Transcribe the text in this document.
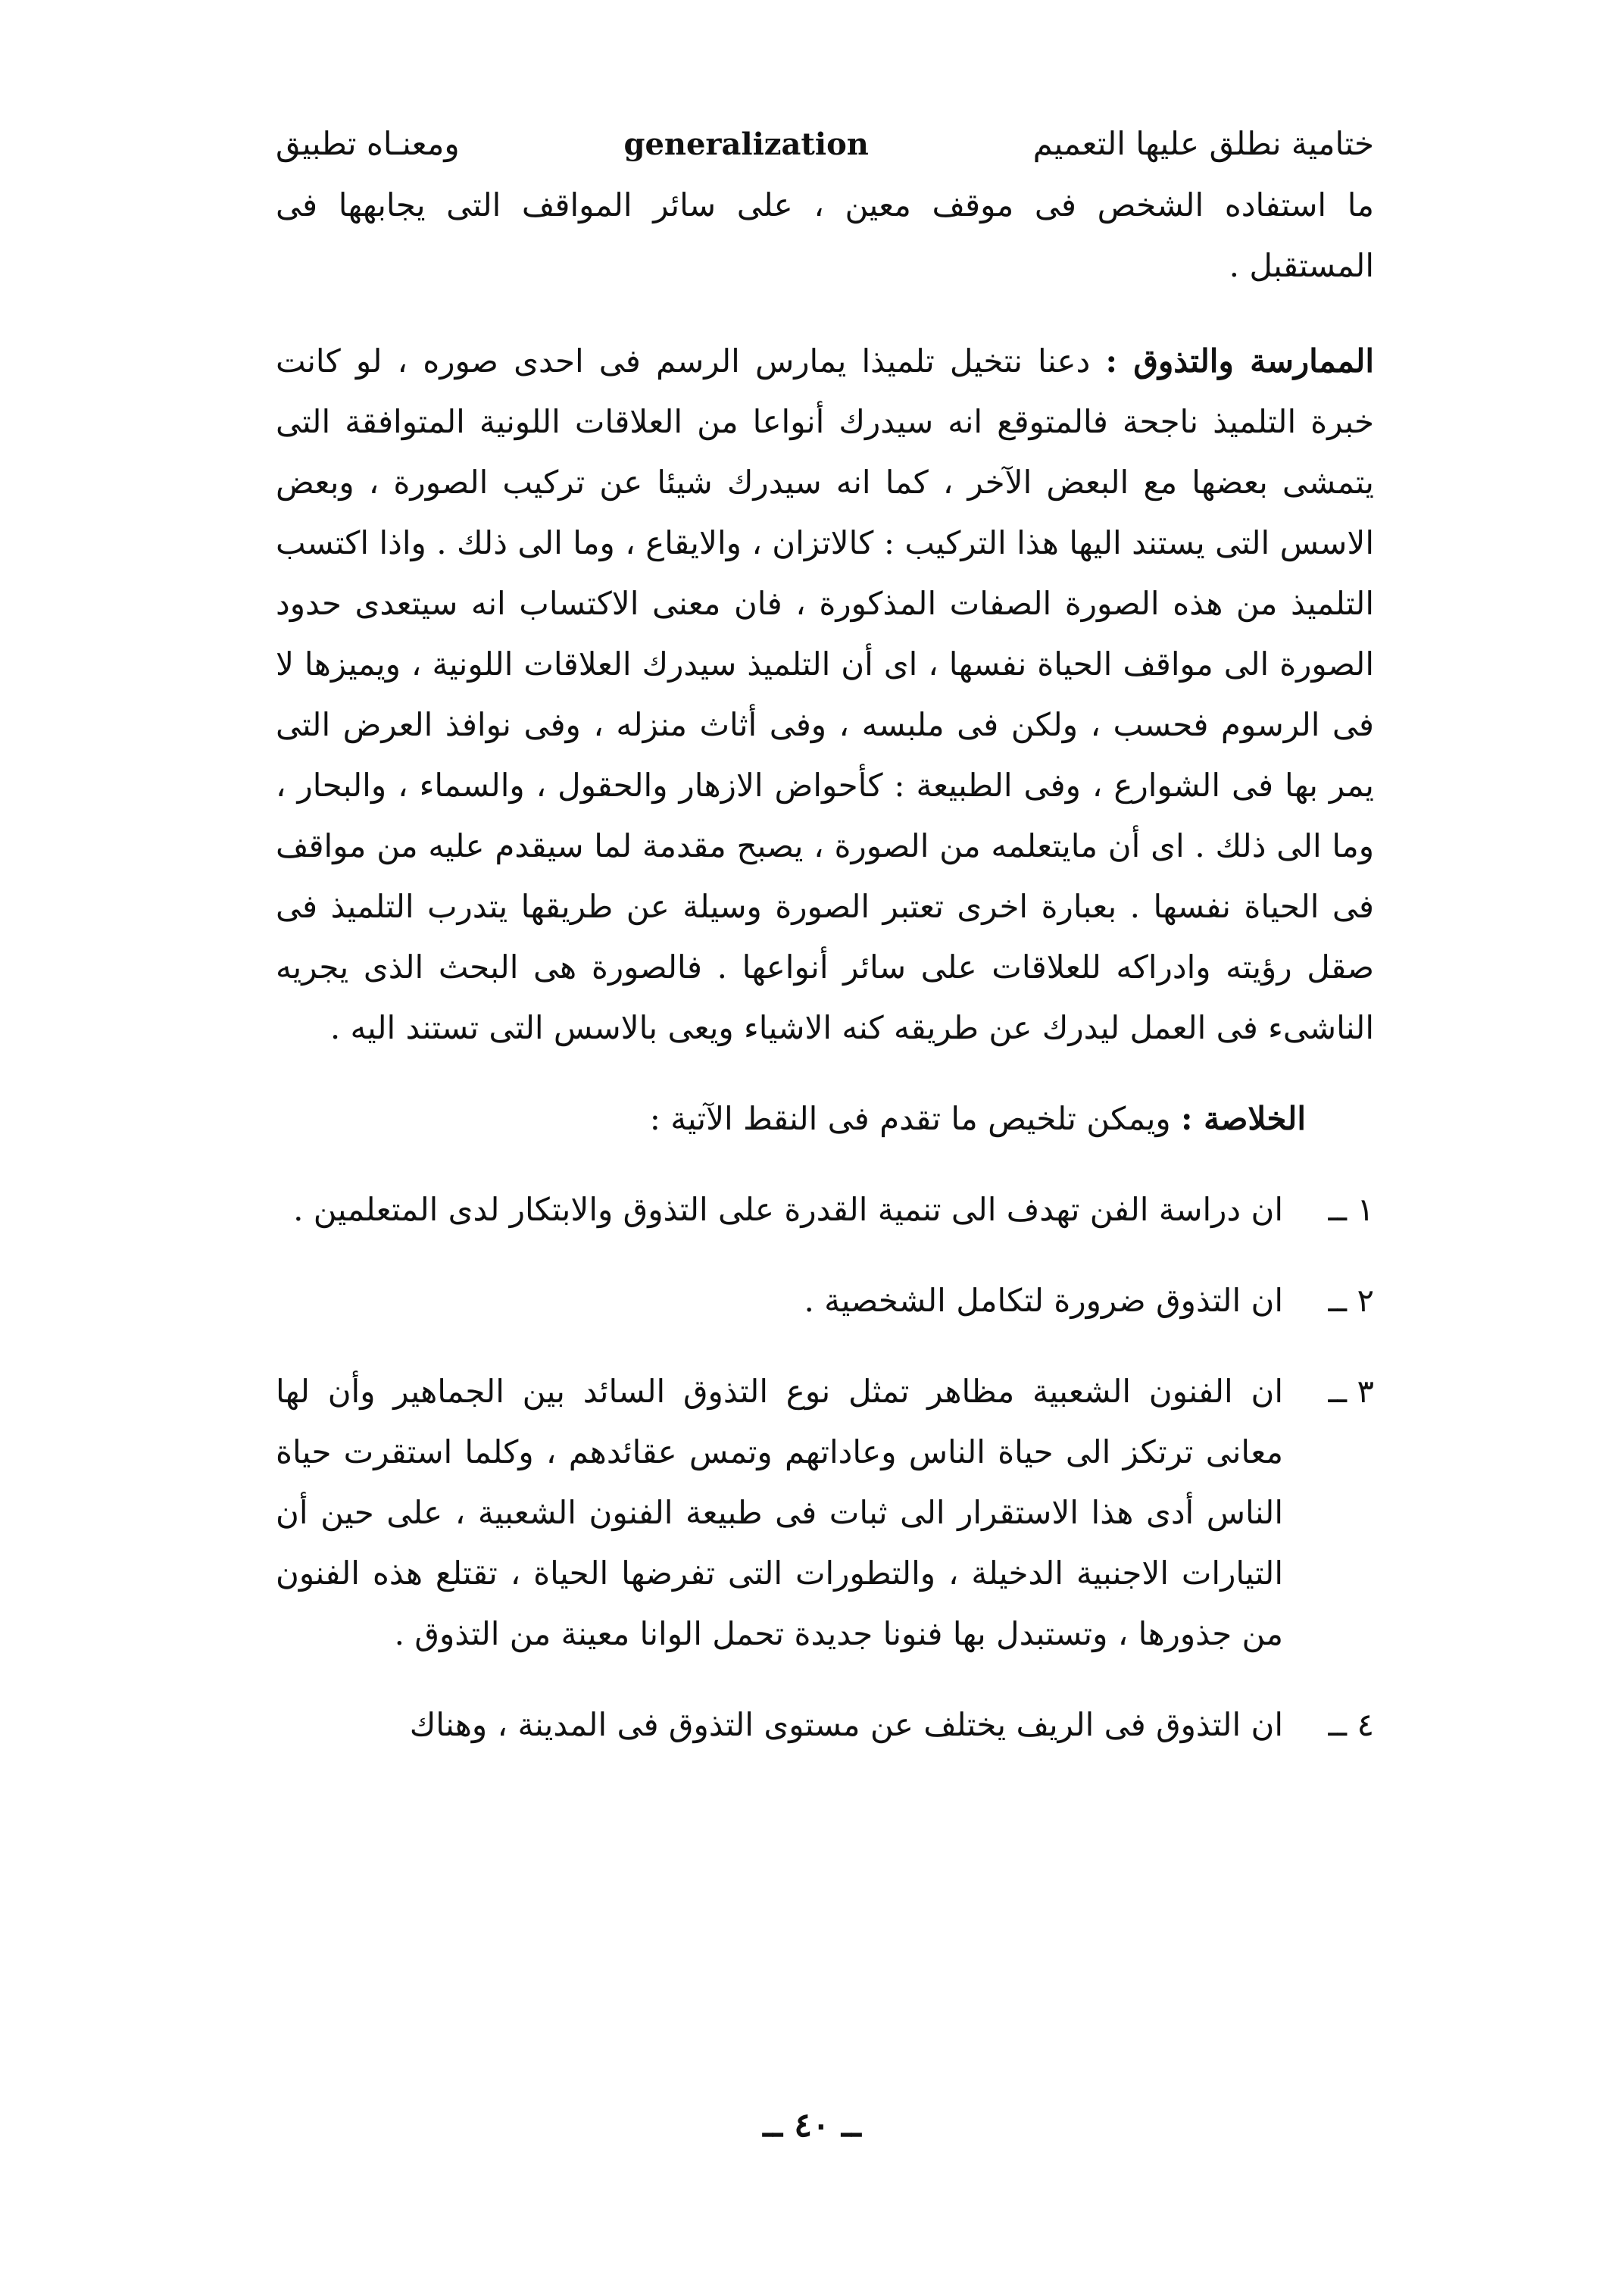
ختامية نطلق عليها التعميم
generalization
ومعنـاه تطبيق
ما استفاده الشخص فى موقف معين ، على سائر المواقف التى يجابهها فى المستقبل .
الممارسة والتذوق : دعنا نتخيل تلميذا يمارس الرسم فى احدى صوره ، لو كانت خبرة التلميذ ناجحة فالمتوقع انه سيدرك أنواعا من العلاقات اللونية المتوافقة التى يتمشى بعضها مع البعض الآخر ، كما انه سيدرك شيئا عن تركيب الصورة ، وبعض الاسس التى يستند اليها هذا التركيب : كالاتزان ، والايقاع ، وما الى ذلك . واذا اكتسب التلميذ من هذه الصورة الصفات المذكورة ، فان معنى الاكتساب انه سيتعدى حدود الصورة الى مواقف الحياة نفسها ، اى أن التلميذ سيدرك العلاقات اللونية ، ويميزها لا فى الرسوم فحسب ، ولكن فى ملبسه ، وفى أثاث منزله ، وفى نوافذ العرض التى يمر بها فى الشوارع ، وفى الطبيعة : كأحواض الازهار والحقول ، والسماء ، والبحار ، وما الى ذلك . اى أن مايتعلمه من الصورة ، يصبح مقدمة لما سيقدم عليه من مواقف فى الحياة نفسها . بعبارة اخرى تعتبر الصورة وسيلة عن طريقها يتدرب التلميذ فى صقل رؤيته وادراكه للعلاقات على سائر أنواعها . فالصورة هى البحث الذى يجريه الناشىء فى العمل ليدرك عن طريقه كنه الاشياء ويعى بالاسس التى تستند اليه .
الخلاصة : ويمكن تلخيص ما تقدم فى النقط الآتية :
١ ــ
ان دراسة الفن تهدف الى تنمية القدرة على التذوق والابتكار لدى المتعلمين .
٢ ــ
ان التذوق ضرورة لتكامل الشخصية .
٣ ــ
ان الفنون الشعبية مظاهر تمثل نوع التذوق السائد بين الجماهير وأن لها معانى ترتكز الى حياة الناس وعاداتهم وتمس عقائدهم ، وكلما استقرت حياة الناس أدى هذا الاستقرار الى ثبات فى طبيعة الفنون الشعبية ، على حين أن التيارات الاجنبية الدخيلة ، والتطورات التى تفرضها الحياة ، تقتلع هذه الفنون من جذورها ، وتستبدل بها فنونا جديدة تحمل الوانا معينة من التذوق .
٤ ــ
ان التذوق فى الريف يختلف عن مستوى التذوق فى المدينة ، وهناك
ــ ٤٠ ــ
